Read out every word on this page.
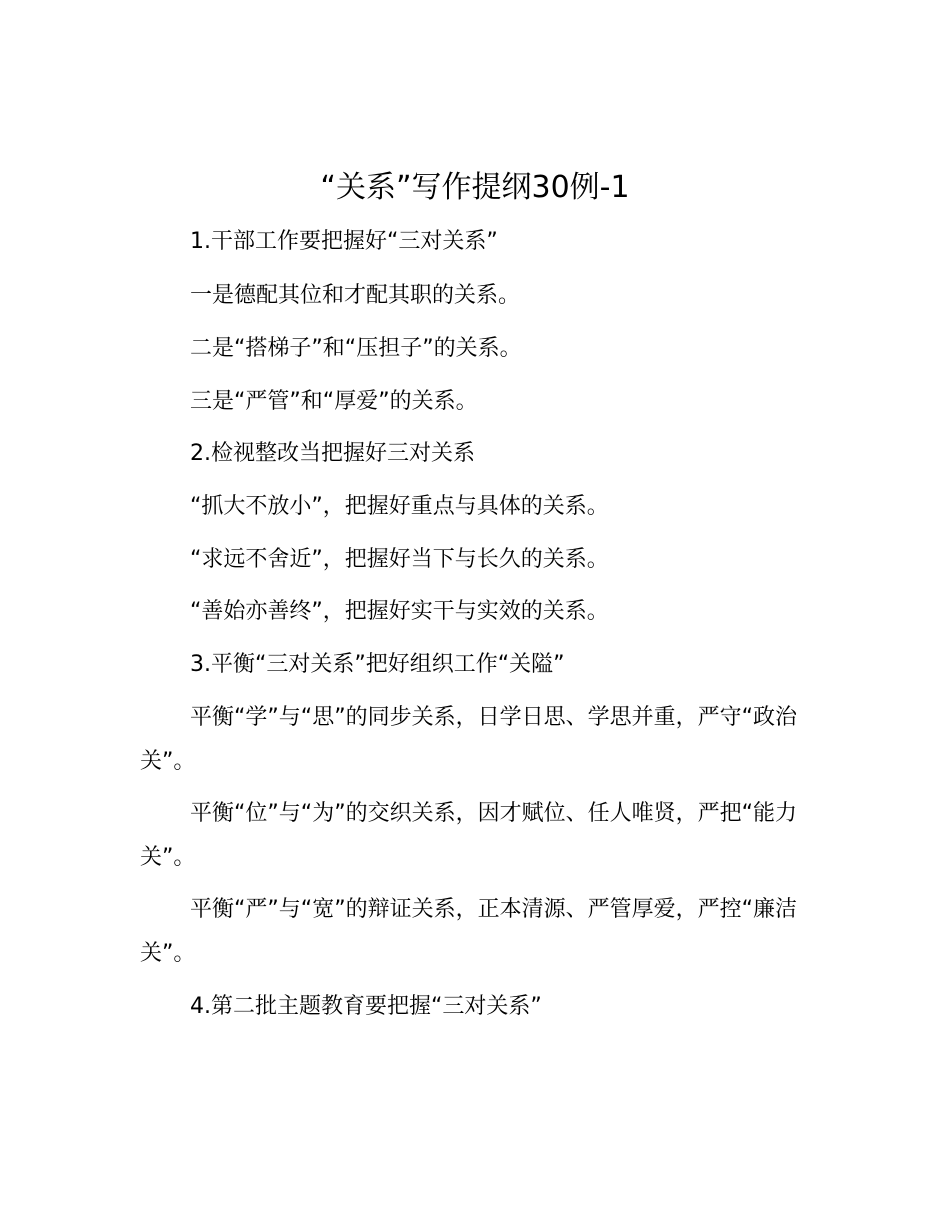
“关系”写作提纲30例-1

1.干部工作要把握好“三对关系”

一是德配其位和才配其职的关系。

二是“搭梯子”和“压担子”的关系。

三是“严管”和“厚爱”的关系。

2.检视整改当把握好三对关系

“抓大不放小”，把握好重点与具体的关系。

“求远不舍近”，把握好当下与长久的关系。

“善始亦善终”，把握好实干与实效的关系。

3.平衡“三对关系”把好组织工作“关隘”

平衡“学”与“思”的同步关系，日学日思、学思并重，严守“政治关”。

平衡“位”与“为”的交织关系，因才赋位、任人唯贤，严把“能力关”。

平衡“严”与“宽”的辩证关系，正本清源、严管厚爱，严控“廉洁关”。

4.第二批主题教育要把握“三对关系”
